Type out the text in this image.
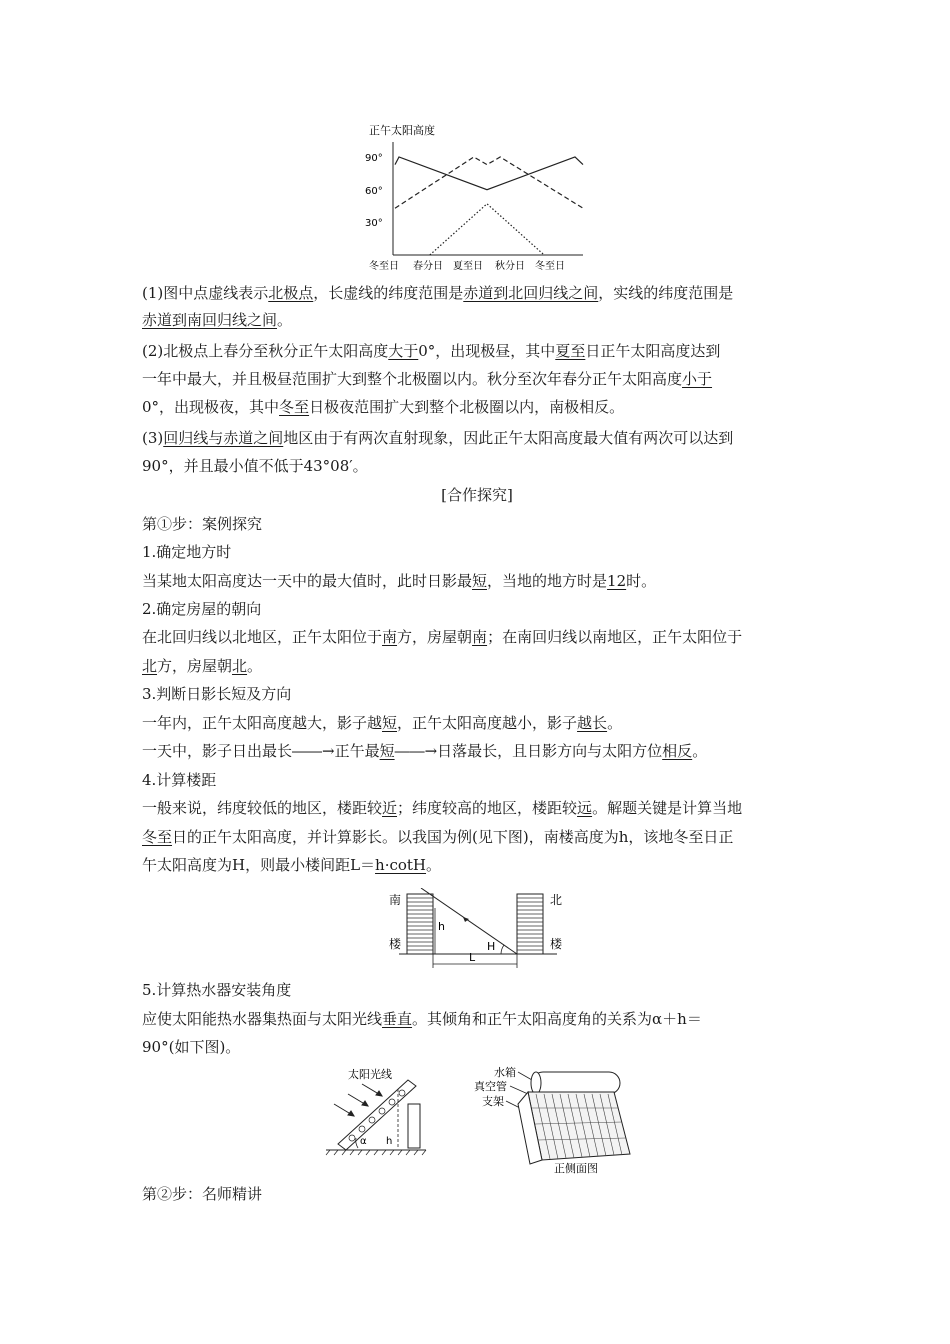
正午太阳高度
90°
60°
30°
冬至日 春分日 夏至日 秋分日 冬至日
(1)图中点虚线表示北极点，长虚线的纬度范围是赤道到北回归线之间，实线的纬度范围是
赤道到南回归线之间。
(2)北极点上春分至秋分正午太阳高度大于0°，出现极昼，其中夏至日正午太阳高度达到
一年中最大，并且极昼范围扩大到整个北极圈以内。秋分至次年春分正午太阳高度小于
0°，出现极夜，其中冬至日极夜范围扩大到整个北极圈以内，南极相反。
(3)回归线与赤道之间地区由于有两次直射现象，因此正午太阳高度最大值有两次可以达到
90°，并且最小值不低于43°08′。
[合作探究]
第①步：案例探究
1.确定地方时
当某地太阳高度达一天中的最大值时，此时日影最短，当地的地方时是12时。
2.确定房屋的朝向
在北回归线以北地区，正午太阳位于南方，房屋朝南；在南回归线以南地区，正午太阳位于
北方，房屋朝北。
3.判断日影长短及方向
一年内，正午太阳高度越大，影子越短，正午太阳高度越小，影子越长。
一天中，影子日出最长――→正午最短――→日落最长，且日影方向与太阳方位相反。
4.计算楼距
一般来说，纬度较低的地区，楼距较近；纬度较高的地区，楼距较远。解题关键是计算当地
冬至日的正午太阳高度，并计算影长。以我国为例(见下图)，南楼高度为h，该地冬至日正
午太阳高度为H，则最小楼间距L＝h·cotH。
5.计算热水器安装角度
应使太阳能热水器集热面与太阳光线垂直。其倾角和正午太阳高度角的关系为α＋h＝
90°(如下图)。
第②步：名师精讲
南
楼
北
楼
h
H
L
太阳光线
α h
水箱
真空管
支架
正侧面图
